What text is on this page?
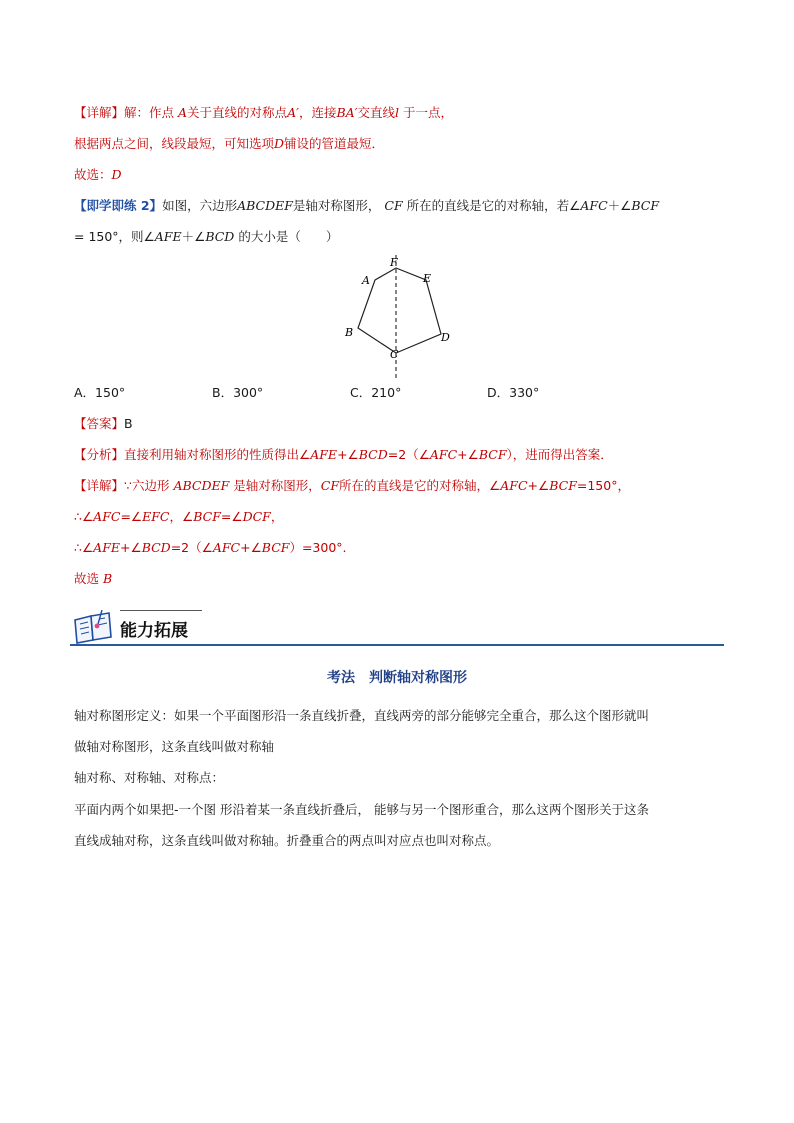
【详解】解：作点 A关于直线的对称点A′，连接BA′交直线l 于一点，
根据两点之间，线段最短，可知选项D铺设的管道最短．
故选：D
【即学即练 2】如图，六边形ABCDEF是轴对称图形， CF 所在的直线是它的对称轴，若∠AFC＋∠BCF
= 150°，则∠AFE＋∠BCD 的大小是（　　）
A
F
E
B	D
C
A．150°	B．300°	C．210°	D．330°
【答案】B
【分析】直接利用轴对称图形的性质得出∠AFE+∠BCD=2（∠AFC+∠BCF），进而得出答案．
【详解】∵六边形 ABCDEF 是轴对称图形，CF所在的直线是它的对称轴，∠AFC+∠BCF=150°，
∴∠AFC=∠EFC，∠BCF=∠DCF，
∴∠AFE+∠BCD=2（∠AFC+∠BCF）=300°.
故选 B
能力拓展
考法　判断轴对称图形
轴对称图形定义：如果一个平面图形沿一条直线折叠，直线两旁的部分能够完全重合，那么这个图形就叫
做轴对称图形，这条直线叫做对称轴
轴对称、对称轴、对称点：
平面内两个如果把-一个图 形沿着某一条直线折叠后， 能够与另一个图形重合，那么这两个图形关于这条
直线成轴对称，这条直线叫做对称轴。折叠重合的两点叫对应点也叫对称点。
